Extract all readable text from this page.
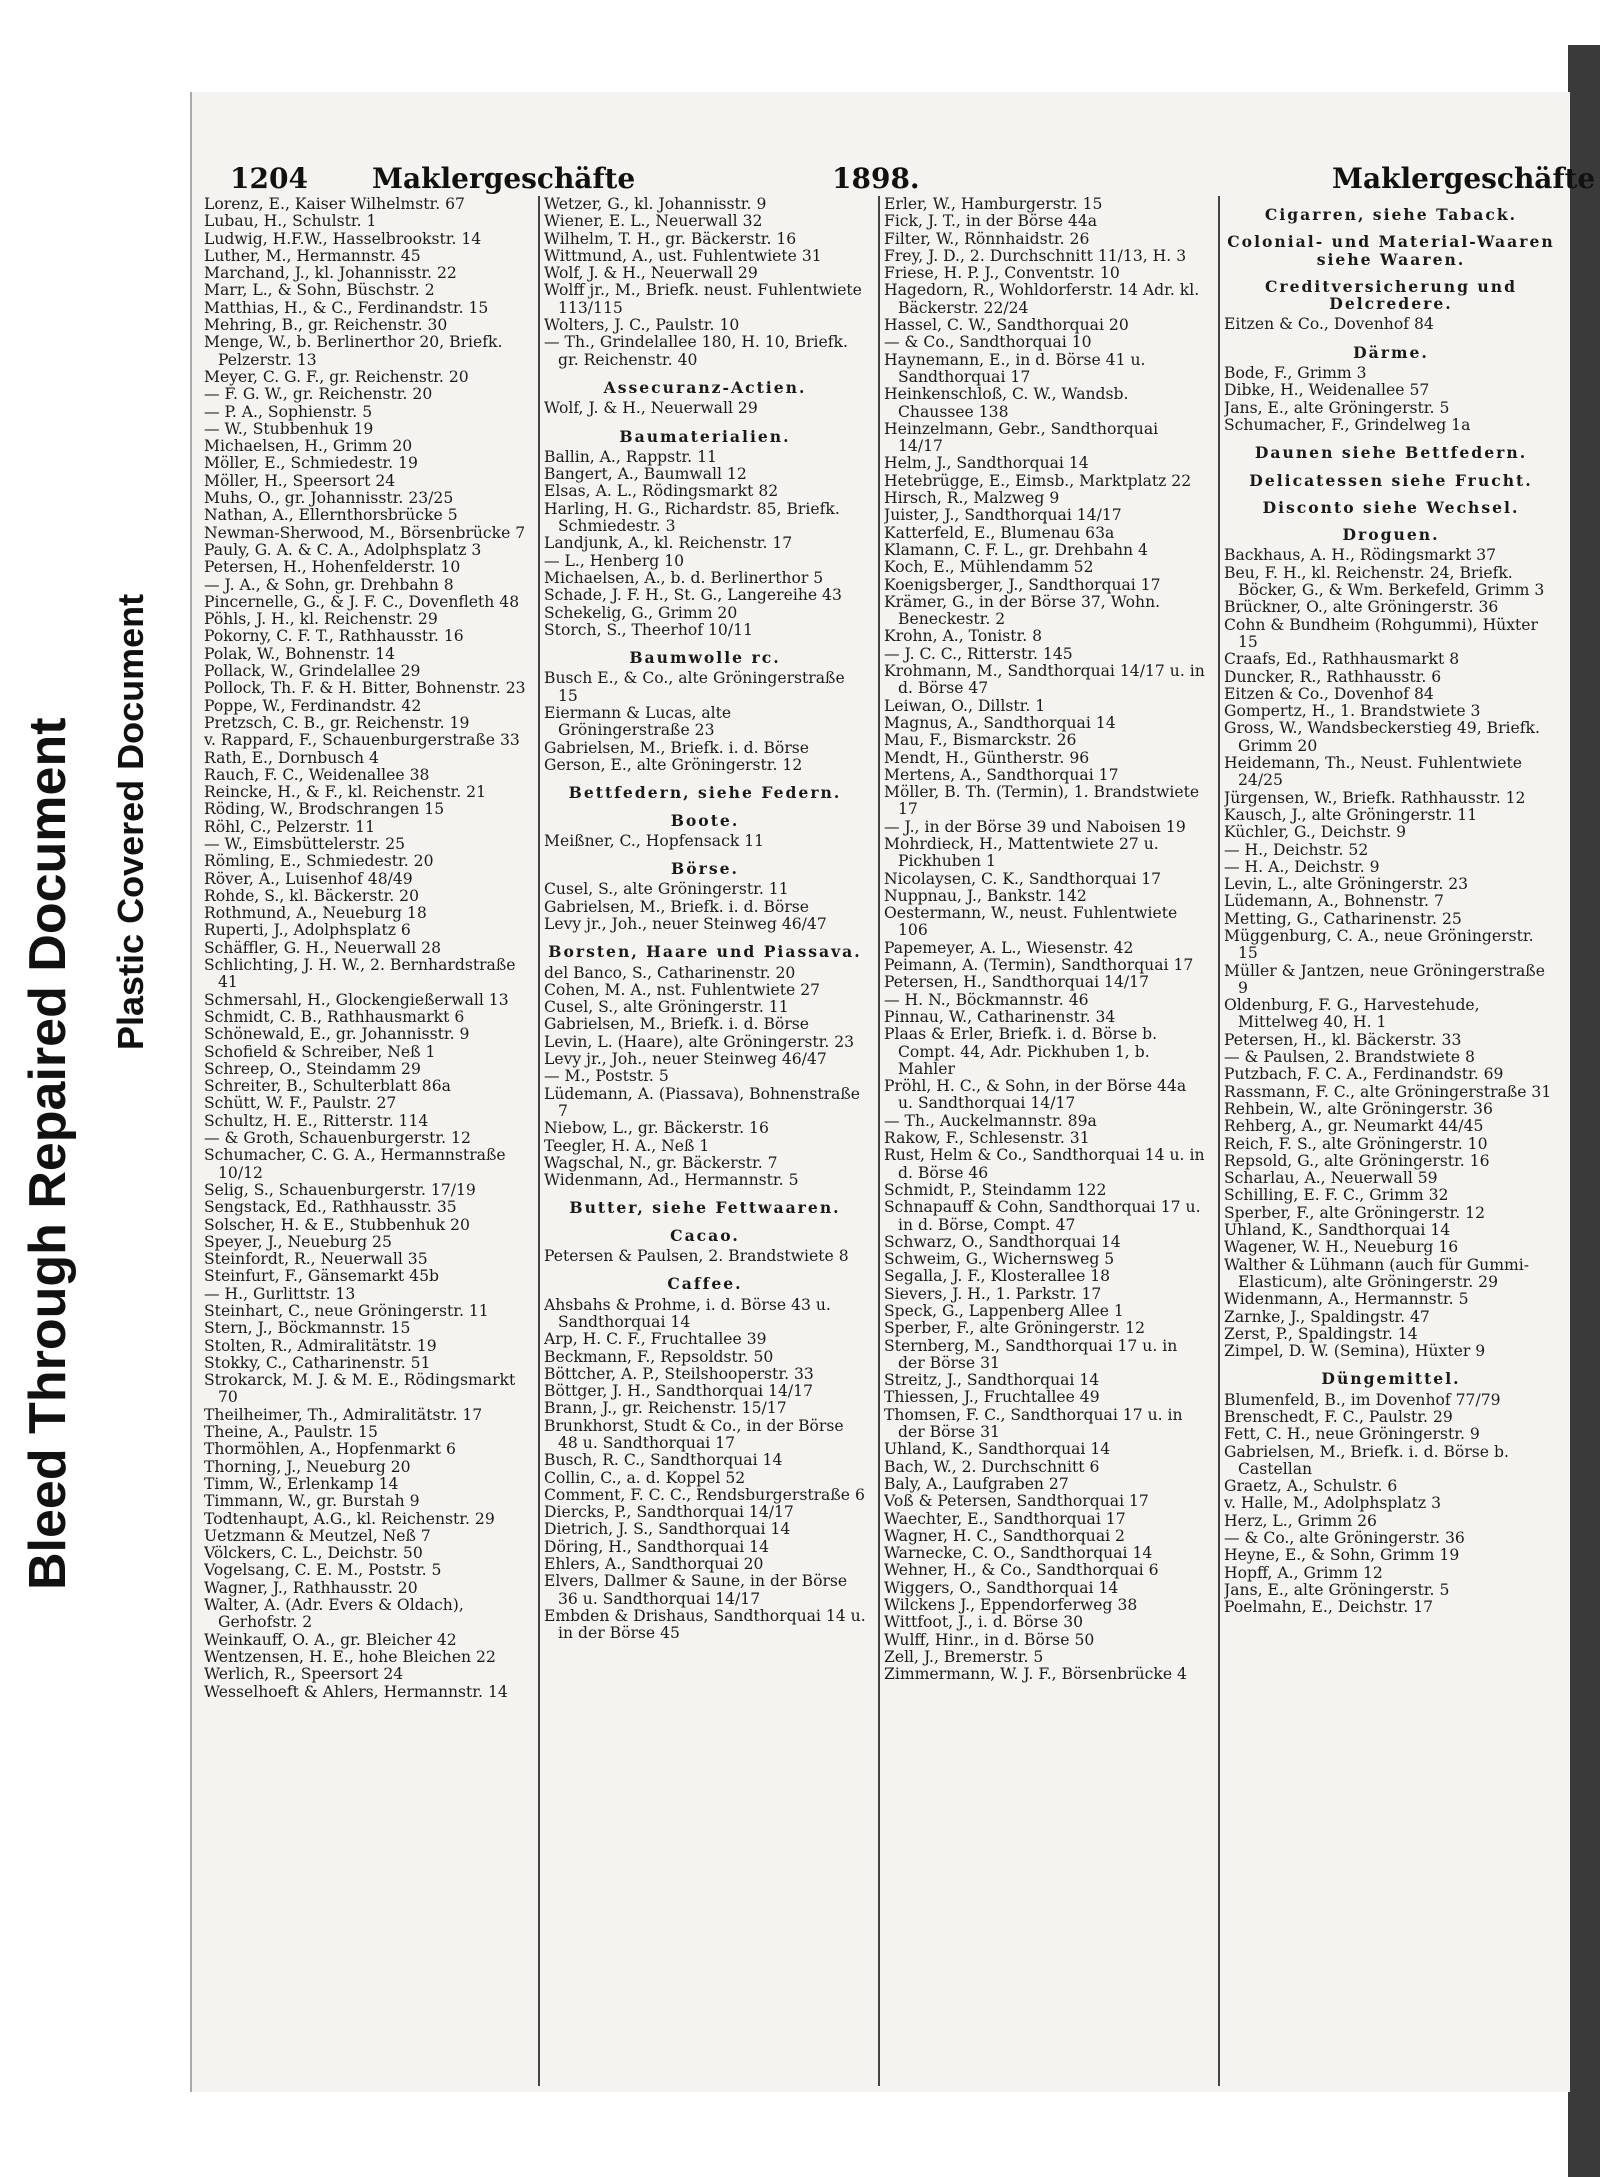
Bleed Through Repaired Document Plastic Covered Document
1204 Maklergeschäfte	1898.	Maklergeschäfte
Lorenz, E., Kaiser Wilhelmstr. 67
Lubau, H., Schulstr. 1
Ludwig, H.F.W., Hasselbrookstr. 14
Luther, M., Hermannstr. 45
Marchand, J., kl. Johannisstr. 22
Marr, L., & Sohn, Büschstr. 2
Matthias, H., & C., Ferdinandstr. 15
Mehring, B., gr. Reichenstr. 30
Menge, W., b. Berlinerthor 20, Briefk. Pelzerstr. 13
Meyer, C. G. F., gr. Reichenstr. 20
— F. G. W., gr. Reichenstr. 20
— P. A., Sophienstr. 5
— W., Stubbenhuk 19
Michaelsen, H., Grimm 20
Möller, E., Schmiedestr. 19
Möller, H., Speersort 24
Muhs, O., gr. Johannisstr. 23/25
Nathan, A., Ellernthorsbrücke 5
Newman-Sherwood, M., Börsenbrücke 7
Pauly, G. A. & C. A., Adolphsplatz 3
Petersen, H., Hohenfelderstr. 10
— J. A., & Sohn, gr. Drehbahn 8
Pincernelle, G., & J. F. C., Dovenfleth 48
Pöhls, J. H., kl. Reichenstr. 29
Pokorny, C. F. T., Rathhausstr. 16
Polak, W., Bohnenstr. 14
Pollack, W., Grindelallee 29
Pollock, Th. F. & H. Bitter, Bohnenstr. 23
Poppe, W., Ferdinandstr. 42
Pretzsch, C. B., gr. Reichenstr. 19
v. Rappard, F., Schauenburgerstraße 33
Rath, E., Dornbusch 4
Rauch, F. C., Weidenallee 38
Reincke, H., & F., kl. Reichenstr. 21
Röding, W., Brodschrangen 15
Röhl, C., Pelzerstr. 11
— W., Eimsbüttelerstr. 25
Römling, E., Schmiedestr. 20
Röver, A., Luisenhof 48/49
Rohde, S., kl. Bäckerstr. 20
Rothmund, A., Neueburg 18
Ruperti, J., Adolphsplatz 6
Schäffler, G. H., Neuerwall 28
Schlichting, J. H. W., 2. Bernhardstraße 41
Schmersahl, H., Glockengießerwall 13
Schmidt, C. B., Rathhausmarkt 6
Schönewald, E., gr. Johannisstr. 9
Schofield & Schreiber, Neß 1
Schreep, O., Steindamm 29
Schreiter, B., Schulterblatt 86a
Schütt, W. F., Paulstr. 27
Schultz, H. E., Ritterstr. 114
— & Groth, Schauenburgerstr. 12
Schumacher, C. G. A., Hermannstraße 10/12
Selig, S., Schauenburgerstr. 17/19
Sengstack, Ed., Rathhausstr. 35
Solscher, H. & E., Stubbenhuk 20
Speyer, J., Neueburg 25
Steinfordt, R., Neuerwall 35
Steinfurt, F., Gänsemarkt 45b
— H., Gurlittstr. 13
Steinhart, C., neue Gröningerstr. 11
Stern, J., Böckmannstr. 15
Stolten, R., Admiralitätstr. 19
Stokky, C., Catharinenstr. 51
Strokarck, M. J. & M. E., Rödingsmarkt 70
Theilheimer, Th., Admiralitätstr. 17
Theine, A., Paulstr. 15
Thormöhlen, A., Hopfenmarkt 6
Thorning, J., Neueburg 20
Timm, W., Erlenkamp 14
Timmann, W., gr. Burstah 9
Todtenhaupt, A.G., kl. Reichenstr. 29
Uetzmann & Meutzel, Neß 7
Völckers, C. L., Deichstr. 50
Vogelsang, C. E. M., Poststr. 5
Wagner, J., Rathhausstr. 20
Walter, A. (Adr. Evers & Oldach), Gerhofstr. 2
Weinkauff, O. A., gr. Bleicher 42
Wentzensen, H. E., hohe Bleichen 22
Werlich, R., Speersort 24
Wesselhoeft & Ahlers, Hermannstr. 14
Wetzer, G., kl. Johannisstr. 9
Wiener, E. L., Neuerwall 32
Wilhelm, T. H., gr. Bäckerstr. 16
Wittmund, A., ust. Fuhlentwiete 31
Wolf, J. & H., Neuerwall 29
Wolff jr., M., Briefk. neust. Fuhlentwiete 113/115
Wolters, J. C., Paulstr. 10
— Th., Grindelallee 180, H. 10, Briefk. gr. Reichenstr. 40
Assecuranz-Actien.
Wolf, J. & H., Neuerwall 29
Baumaterialien.
Ballin, A., Rappstr. 11
Bangert, A., Baumwall 12
Elsas, A. L., Rödingsmarkt 82
Harling, H. G., Richardstr. 85, Briefk. Schmiedestr. 3
Landjunk, A., kl. Reichenstr. 17
— L., Henberg 10
Michaelsen, A., b. d. Berlinerthor 5
Schade, J. F. H., St. G., Langereihe 43
Schekelig, G., Grimm 20
Storch, S., Theerhof 10/11
Baumwolle rc.
Busch E., & Co., alte Gröningerstraße 15
Eiermann & Lucas, alte Gröningerstraße 23
Gabrielsen, M., Briefk. i. d. Börse
Gerson, E., alte Gröningerstr. 12
Bettfedern, siehe Federn.
Boote.
Meißner, C., Hopfensack 11
Börse.
Cusel, S., alte Gröningerstr. 11
Gabrielsen, M., Briefk. i. d. Börse
Levy jr., Joh., neuer Steinweg 46/47
Borsten, Haare und Piassava.
del Banco, S., Catharinenstr. 20
Cohen, M. A., nst. Fuhlentwiete 27
Cusel, S., alte Gröningerstr. 11
Gabrielsen, M., Briefk. i. d. Börse
Levin, L. (Haare), alte Gröningerstr. 23
Levy jr., Joh., neuer Steinweg 46/47
— M., Poststr. 5
Lüdemann, A. (Piassava), Bohnenstraße 7
Niebow, L., gr. Bäckerstr. 16
Teegler, H. A., Neß 1
Wagschal, N., gr. Bäckerstr. 7
Widenmann, Ad., Hermannstr. 5
Butter, siehe Fettwaaren.
Cacao.
Petersen & Paulsen, 2. Brandstwiete 8
Caffee.
Ahsbahs & Prohme, i. d. Börse 43 u. Sandthorquai 14
Arp, H. C. F., Fruchtallee 39
Beckmann, F., Repsoldstr. 50
Böttcher, A. P., Steilshooperstr. 33
Böttger, J. H., Sandthorquai 14/17
Brann, J., gr. Reichenstr. 15/17
Brunkhorst, Studt & Co., in der Börse 48 u. Sandthorquai 17
Busch, R. C., Sandthorquai 14
Collin, C., a. d. Koppel 52
Comment, F. C. C., Rendsburgerstraße 6
Diercks, P., Sandthorquai 14/17
Dietrich, J. S., Sandthorquai 14
Döring, H., Sandthorquai 14
Ehlers, A., Sandthorquai 20
Elvers, Dallmer & Saune, in der Börse 36 u. Sandthorquai 14/17
Embden & Drishaus, Sandthorquai 14 u. in der Börse 45
Erler, W., Hamburgerstr. 15
Fick, J. T., in der Börse 44a
Filter, W., Rönnhaidstr. 26
Frey, J. D., 2. Durchschnitt 11/13, H. 3
Friese, H. P. J., Conventstr. 10
Hagedorn, R., Wohldorferstr. 14 Adr. kl. Bäckerstr. 22/24
Hassel, C. W., Sandthorquai 20
— & Co., Sandthorquai 10
Haynemann, E., in d. Börse 41 u. Sandthorquai 17
Heinkenschloß, C. W., Wandsb. Chaussee 138
Heinzelmann, Gebr., Sandthorquai 14/17
Helm, J., Sandthorquai 14
Hetebrügge, E., Eimsb., Marktplatz 22
Hirsch, R., Malzweg 9
Juister, J., Sandthorquai 14/17
Katterfeld, E., Blumenau 63a
Klamann, C. F. L., gr. Drehbahn 4
Koch, E., Mühlendamm 52
Koenigsberger, J., Sandthorquai 17
Krämer, G., in der Börse 37, Wohn. Beneckestr. 2
Krohn, A., Tonistr. 8
— J. C. C., Ritterstr. 145
Krohmann, M., Sandthorquai 14/17 u. in d. Börse 47
Leiwan, O., Dillstr. 1
Magnus, A., Sandthorquai 14
Mau, F., Bismarckstr. 26
Mendt, H., Güntherstr. 96
Mertens, A., Sandthorquai 17
Möller, B. Th. (Termin), 1. Brandstwiete 17
— J., in der Börse 39 und Naboisen 19
Mohrdieck, H., Mattentwiete 27 u. Pickhuben 1
Nicolaysen, C. K., Sandthorquai 17
Nuppnau, J., Bankstr. 142
Oestermann, W., neust. Fuhlentwiete 106
Papemeyer, A. L., Wiesenstr. 42
Peimann, A. (Termin), Sandthorquai 17
Petersen, H., Sandthorquai 14/17
— H. N., Böckmannstr. 46
Pinnau, W., Catharinenstr. 34
Plaas & Erler, Briefk. i. d. Börse b. Compt. 44, Adr. Pickhuben 1, b. Mahler
Pröhl, H. C., & Sohn, in der Börse 44a u. Sandthorquai 14/17
— Th., Auckelmannstr. 89a
Rakow, F., Schlesenstr. 31
Rust, Helm & Co., Sandthorquai 14 u. in d. Börse 46
Schmidt, P., Steindamm 122
Schnapauff & Cohn, Sandthorquai 17 u. in d. Börse, Compt. 47
Schwarz, O., Sandthorquai 14
Schweim, G., Wichernsweg 5
Segalla, J. F., Klosterallee 18
Sievers, J. H., 1. Parkstr. 17
Speck, G., Lappenberg Allee 1
Sperber, F., alte Gröningerstr. 12
Sternberg, M., Sandthorquai 17 u. in der Börse 31
Streitz, J., Sandthorquai 14
Thiessen, J., Fruchtallee 49
Thomsen, F. C., Sandthorquai 17 u. in der Börse 31
Uhland, K., Sandthorquai 14
Bach, W., 2. Durchschnitt 6
Baly, A., Laufgraben 27
Voß & Petersen, Sandthorquai 17
Waechter, E., Sandthorquai 17
Wagner, H. C., Sandthorquai 2
Warnecke, C. O., Sandthorquai 14
Wehner, H., & Co., Sandthorquai 6
Wiggers, O., Sandthorquai 14
Wilckens J., Eppendorferweg 38
Wittfoot, J., i. d. Börse 30
Wulff, Hinr., in d. Börse 50
Zell, J., Bremerstr. 5
Zimmermann, W. J. F., Börsenbrücke 4
Cigarren, siehe Taback.
Colonial- und Material-Waaren siehe Waaren.
Creditversicherung und Delcredere.
Eitzen & Co., Dovenhof 84
Därme.
Bode, F., Grimm 3
Dibke, H., Weidenallee 57
Jans, E., alte Gröningerstr. 5
Schumacher, F., Grindelweg 1a
Daunen siehe Bettfedern.
Delicatessen siehe Frucht.
Disconto siehe Wechsel.
Droguen.
Backhaus, A. H., Rödingsmarkt 37
Beu, F. H., kl. Reichenstr. 24, Briefk. Böcker, G., & Wm. Berkefeld, Grimm 3
Brückner, O., alte Gröningerstr. 36
Cohn & Bundheim (Rohgummi), Hüxter 15
Craafs, Ed., Rathhausmarkt 8
Duncker, R., Rathhausstr. 6
Eitzen & Co., Dovenhof 84
Gompertz, H., 1. Brandstwiete 3
Gross, W., Wandsbeckerstieg 49, Briefk. Grimm 20
Heidemann, Th., Neust. Fuhlentwiete 24/25
Jürgensen, W., Briefk. Rathhausstr. 12
Kausch, J., alte Gröningerstr. 11
Küchler, G., Deichstr. 9
— H., Deichstr. 52
— H. A., Deichstr. 9
Levin, L., alte Gröningerstr. 23
Lüdemann, A., Bohnenstr. 7
Metting, G., Catharinenstr. 25
Müggenburg, C. A., neue Gröningerstr. 15
Müller & Jantzen, neue Gröningerstraße 9
Oldenburg, F. G., Harvestehude, Mittelweg 40, H. 1
Petersen, H., kl. Bäckerstr. 33
— & Paulsen, 2. Brandstwiete 8
Putzbach, F. C. A., Ferdinandstr. 69
Rassmann, F. C., alte Gröningerstraße 31
Rehbein, W., alte Gröningerstr. 36
Rehberg, A., gr. Neumarkt 44/45
Reich, F. S., alte Gröningerstr. 10
Repsold, G., alte Gröningerstr. 16
Scharlau, A., Neuerwall 59
Schilling, E. F. C., Grimm 32
Sperber, F., alte Gröningerstr. 12
Uhland, K., Sandthorquai 14
Wagener, W. H., Neueburg 16
Walther & Lühmann (auch für Gummi-Elasticum), alte Gröningerstr. 29
Widenmann, A., Hermannstr. 5
Zarnke, J., Spaldingstr. 47
Zerst, P., Spaldingstr. 14
Zimpel, D. W. (Semina), Hüxter 9
Düngemittel.
Blumenfeld, B., im Dovenhof 77/79
Brenschedt, F. C., Paulstr. 29
Fett, C. H., neue Gröningerstr. 9
Gabrielsen, M., Briefk. i. d. Börse b. Castellan
Graetz, A., Schulstr. 6
v. Halle, M., Adolphsplatz 3
Herz, L., Grimm 26
— & Co., alte Gröningerstr. 36
Heyne, E., & Sohn, Grimm 19
Hopff, A., Grimm 12
Jans, E., alte Gröningerstr. 5
Poelmahn, E., Deichstr. 17
